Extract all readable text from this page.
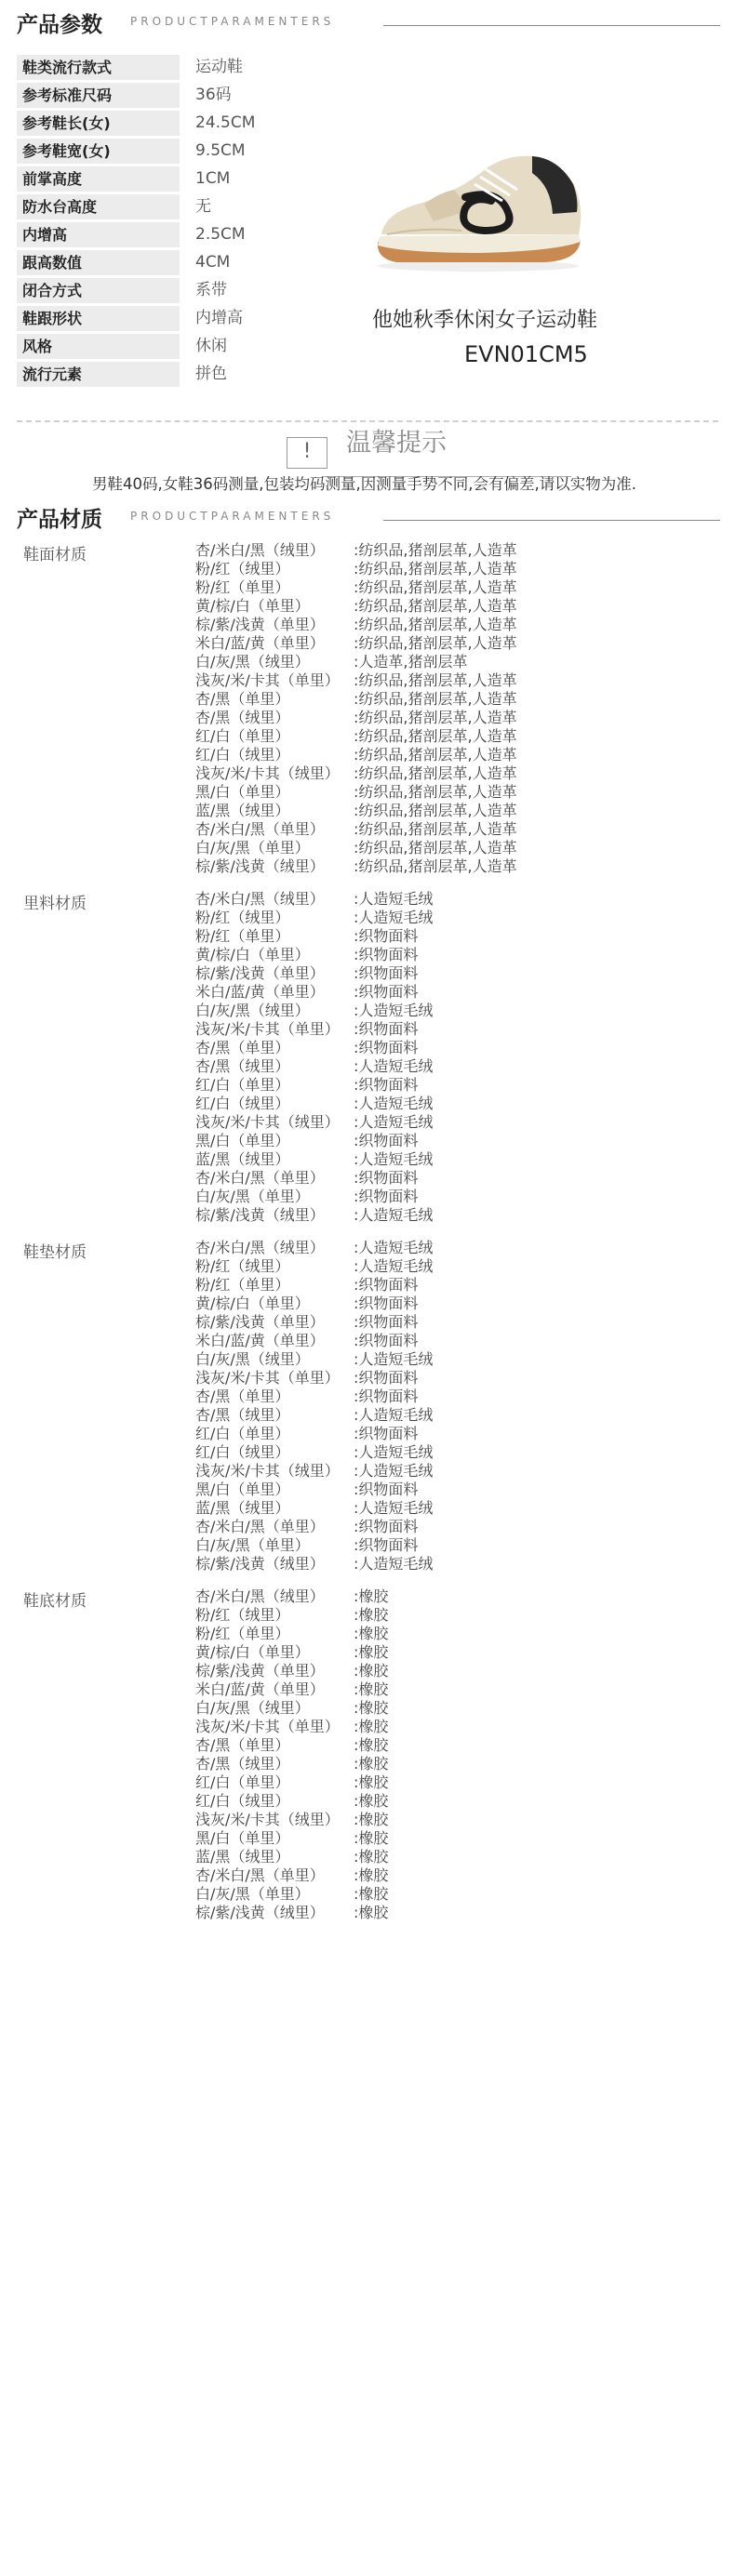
产品参数	PRODUCTPARAMENTERS
鞋类流行款式	运动鞋
参考标准尺码	36码
参考鞋长(女)	24.5CM
参考鞋宽(女)	9.5CM
前掌高度	1CM
防水台高度	无
内增高	2.5CM
跟高数值	4CM
闭合方式	系带
鞋跟形状	内增高
风格	休闲
流行元素	拼色
他她秋季休闲女子运动鞋
EVN01CM5
!	温馨提示
男鞋40码,女鞋36码测量,包装均码测量,因测量手势不同,会有偏差,请以实物为准.
产品材质	PRODUCTPARAMENTERS
鞋面材质	杏/米白/黑（绒里） :纺织品,猪剖层革,人造革
粉/红（绒里）	:纺织品,猪剖层革,人造革
粉/红（单里）	:纺织品,猪剖层革,人造革
黄/棕/白（单里）	:纺织品,猪剖层革,人造革
棕/紫/浅黄（单里） :纺织品,猪剖层革,人造革
米白/蓝/黄（单里） :纺织品,猪剖层革,人造革
白/灰/黑（绒里）	:人造革,猪剖层革
浅灰/米/卡其（单里） :纺织品,猪剖层革,人造革
杏/黑（单里）	:纺织品,猪剖层革,人造革
杏/黑（绒里）	:纺织品,猪剖层革,人造革
红/白（单里）	:纺织品,猪剖层革,人造革
红/白（绒里）	:纺织品,猪剖层革,人造革
浅灰/米/卡其（绒里） :纺织品,猪剖层革,人造革
黑/白（单里）	:纺织品,猪剖层革,人造革
蓝/黑（绒里）	:纺织品,猪剖层革,人造革
杏/米白/黑（单里） :纺织品,猪剖层革,人造革
白/灰/黑（单里）	:纺织品,猪剖层革,人造革
棕/紫/浅黄（绒里） :纺织品,猪剖层革,人造革
里料材质	杏/米白/黑（绒里） :人造短毛绒
粉/红（绒里）	:人造短毛绒
粉/红（单里）	:织物面料
黄/棕/白（单里）	:织物面料
棕/紫/浅黄（单里） :织物面料
米白/蓝/黄（单里） :织物面料
白/灰/黑（绒里）	:人造短毛绒
浅灰/米/卡其（单里） :织物面料
杏/黑（单里）	:织物面料
杏/黑（绒里）	:人造短毛绒
红/白（单里）	:织物面料
红/白（绒里）	:人造短毛绒
浅灰/米/卡其（绒里） :人造短毛绒
黑/白（单里）	:织物面料
蓝/黑（绒里）	:人造短毛绒
杏/米白/黑（单里） :织物面料
白/灰/黑（单里）	:织物面料
棕/紫/浅黄（绒里） :人造短毛绒
鞋垫材质	杏/米白/黑（绒里） :人造短毛绒
粉/红（绒里）	:人造短毛绒
粉/红（单里）	:织物面料
黄/棕/白（单里）	:织物面料
棕/紫/浅黄（单里） :织物面料
米白/蓝/黄（单里） :织物面料
白/灰/黑（绒里）	:人造短毛绒
浅灰/米/卡其（单里） :织物面料
杏/黑（单里）	:织物面料
杏/黑（绒里）	:人造短毛绒
红/白（单里）	:织物面料
红/白（绒里）	:人造短毛绒
浅灰/米/卡其（绒里） :人造短毛绒
黑/白（单里）	:织物面料
蓝/黑（绒里）	:人造短毛绒
杏/米白/黑（单里） :织物面料
白/灰/黑（单里）	:织物面料
棕/紫/浅黄（绒里） :人造短毛绒
鞋底材质	杏/米白/黑（绒里） :橡胶
粉/红（绒里）	:橡胶
粉/红（单里）	:橡胶
黄/棕/白（单里）	:橡胶
棕/紫/浅黄（单里） :橡胶
米白/蓝/黄（单里） :橡胶
白/灰/黑（绒里）	:橡胶
浅灰/米/卡其（单里） :橡胶
杏/黑（单里）	:橡胶
杏/黑（绒里）	:橡胶
红/白（单里）	:橡胶
红/白（绒里）	:橡胶
浅灰/米/卡其（绒里） :橡胶
黑/白（单里）	:橡胶
蓝/黑（绒里）	:橡胶
杏/米白/黑（单里） :橡胶
白/灰/黑（单里）	:橡胶
棕/紫/浅黄（绒里） :橡胶
